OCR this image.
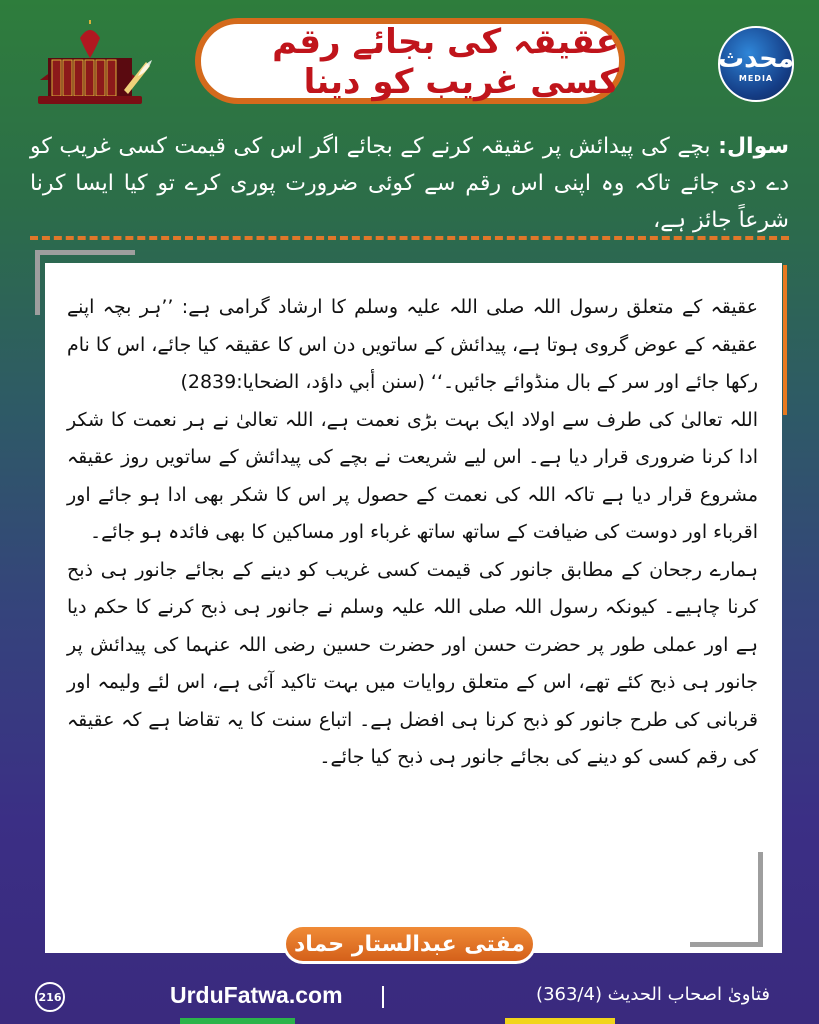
عقیقہ کی بجائے رقم کسی غریب کو دینا
محدث
MEDIA
سوال: بچے کی پیدائش پر عقیقہ کرنے کے بجائے اگر اس کی قیمت کسی غریب کو دے دی جائے تاکہ وہ اپنی اس رقم سے کوئی ضرورت پوری کرے تو کیا ایسا کرنا شرعاً جائز ہے،

عقیقہ کے متعلق رسول اللہ صلی اللہ علیہ وسلم کا ارشاد گرامی ہے: ’’ہر بچہ اپنے عقیقہ کے عوض گروی ہوتا ہے، پیدائش کے ساتویں دن اس کا عقیقہ کیا جائے، اس کا نام رکھا جائے اور سر کے بال منڈوائے جائیں۔‘‘ (سنن أبي داؤد، الضحايا:2839)

اللہ تعالیٰ کی طرف سے اولاد ایک بہت بڑی نعمت ہے، اللہ تعالیٰ نے ہر نعمت کا شکر ادا کرنا ضروری قرار دیا ہے۔ اس لیے شریعت نے بچے کی پیدائش کے ساتویں روز عقیقہ مشروع قرار دیا ہے تاکہ اللہ کی نعمت کے حصول پر اس کا شکر بھی ادا ہو جائے اور اقرباء اور دوست کی ضیافت کے ساتھ ساتھ غرباء اور مساکین کا بھی فائدہ ہو جائے۔

ہمارے رجحان کے مطابق جانور کی قیمت کسی غریب کو دینے کے بجائے جانور ہی ذبح کرنا چاہیے۔ کیونکہ رسول اللہ صلی اللہ علیہ وسلم نے جانور ہی ذبح کرنے کا حکم دیا ہے اور عملی طور پر حضرت حسن اور حضرت حسین رضی اللہ عنہما کی پیدائش پر جانور ہی ذبح کئے تھے، اس کے متعلق روایات میں بہت تاکید آئی ہے، اس لئے ولیمہ اور قربانی کی طرح جانور کو ذبح کرنا ہی افضل ہے۔ اتباع سنت کا یہ تقاضا ہے کہ عقیقہ کی رقم کسی کو دینے کی بجائے جانور ہی ذبح کیا جائے۔

مفتی عبدالستار حماد
216	UrduFatwa.com	فتاویٰ اصحاب الحدیث (363/4)
